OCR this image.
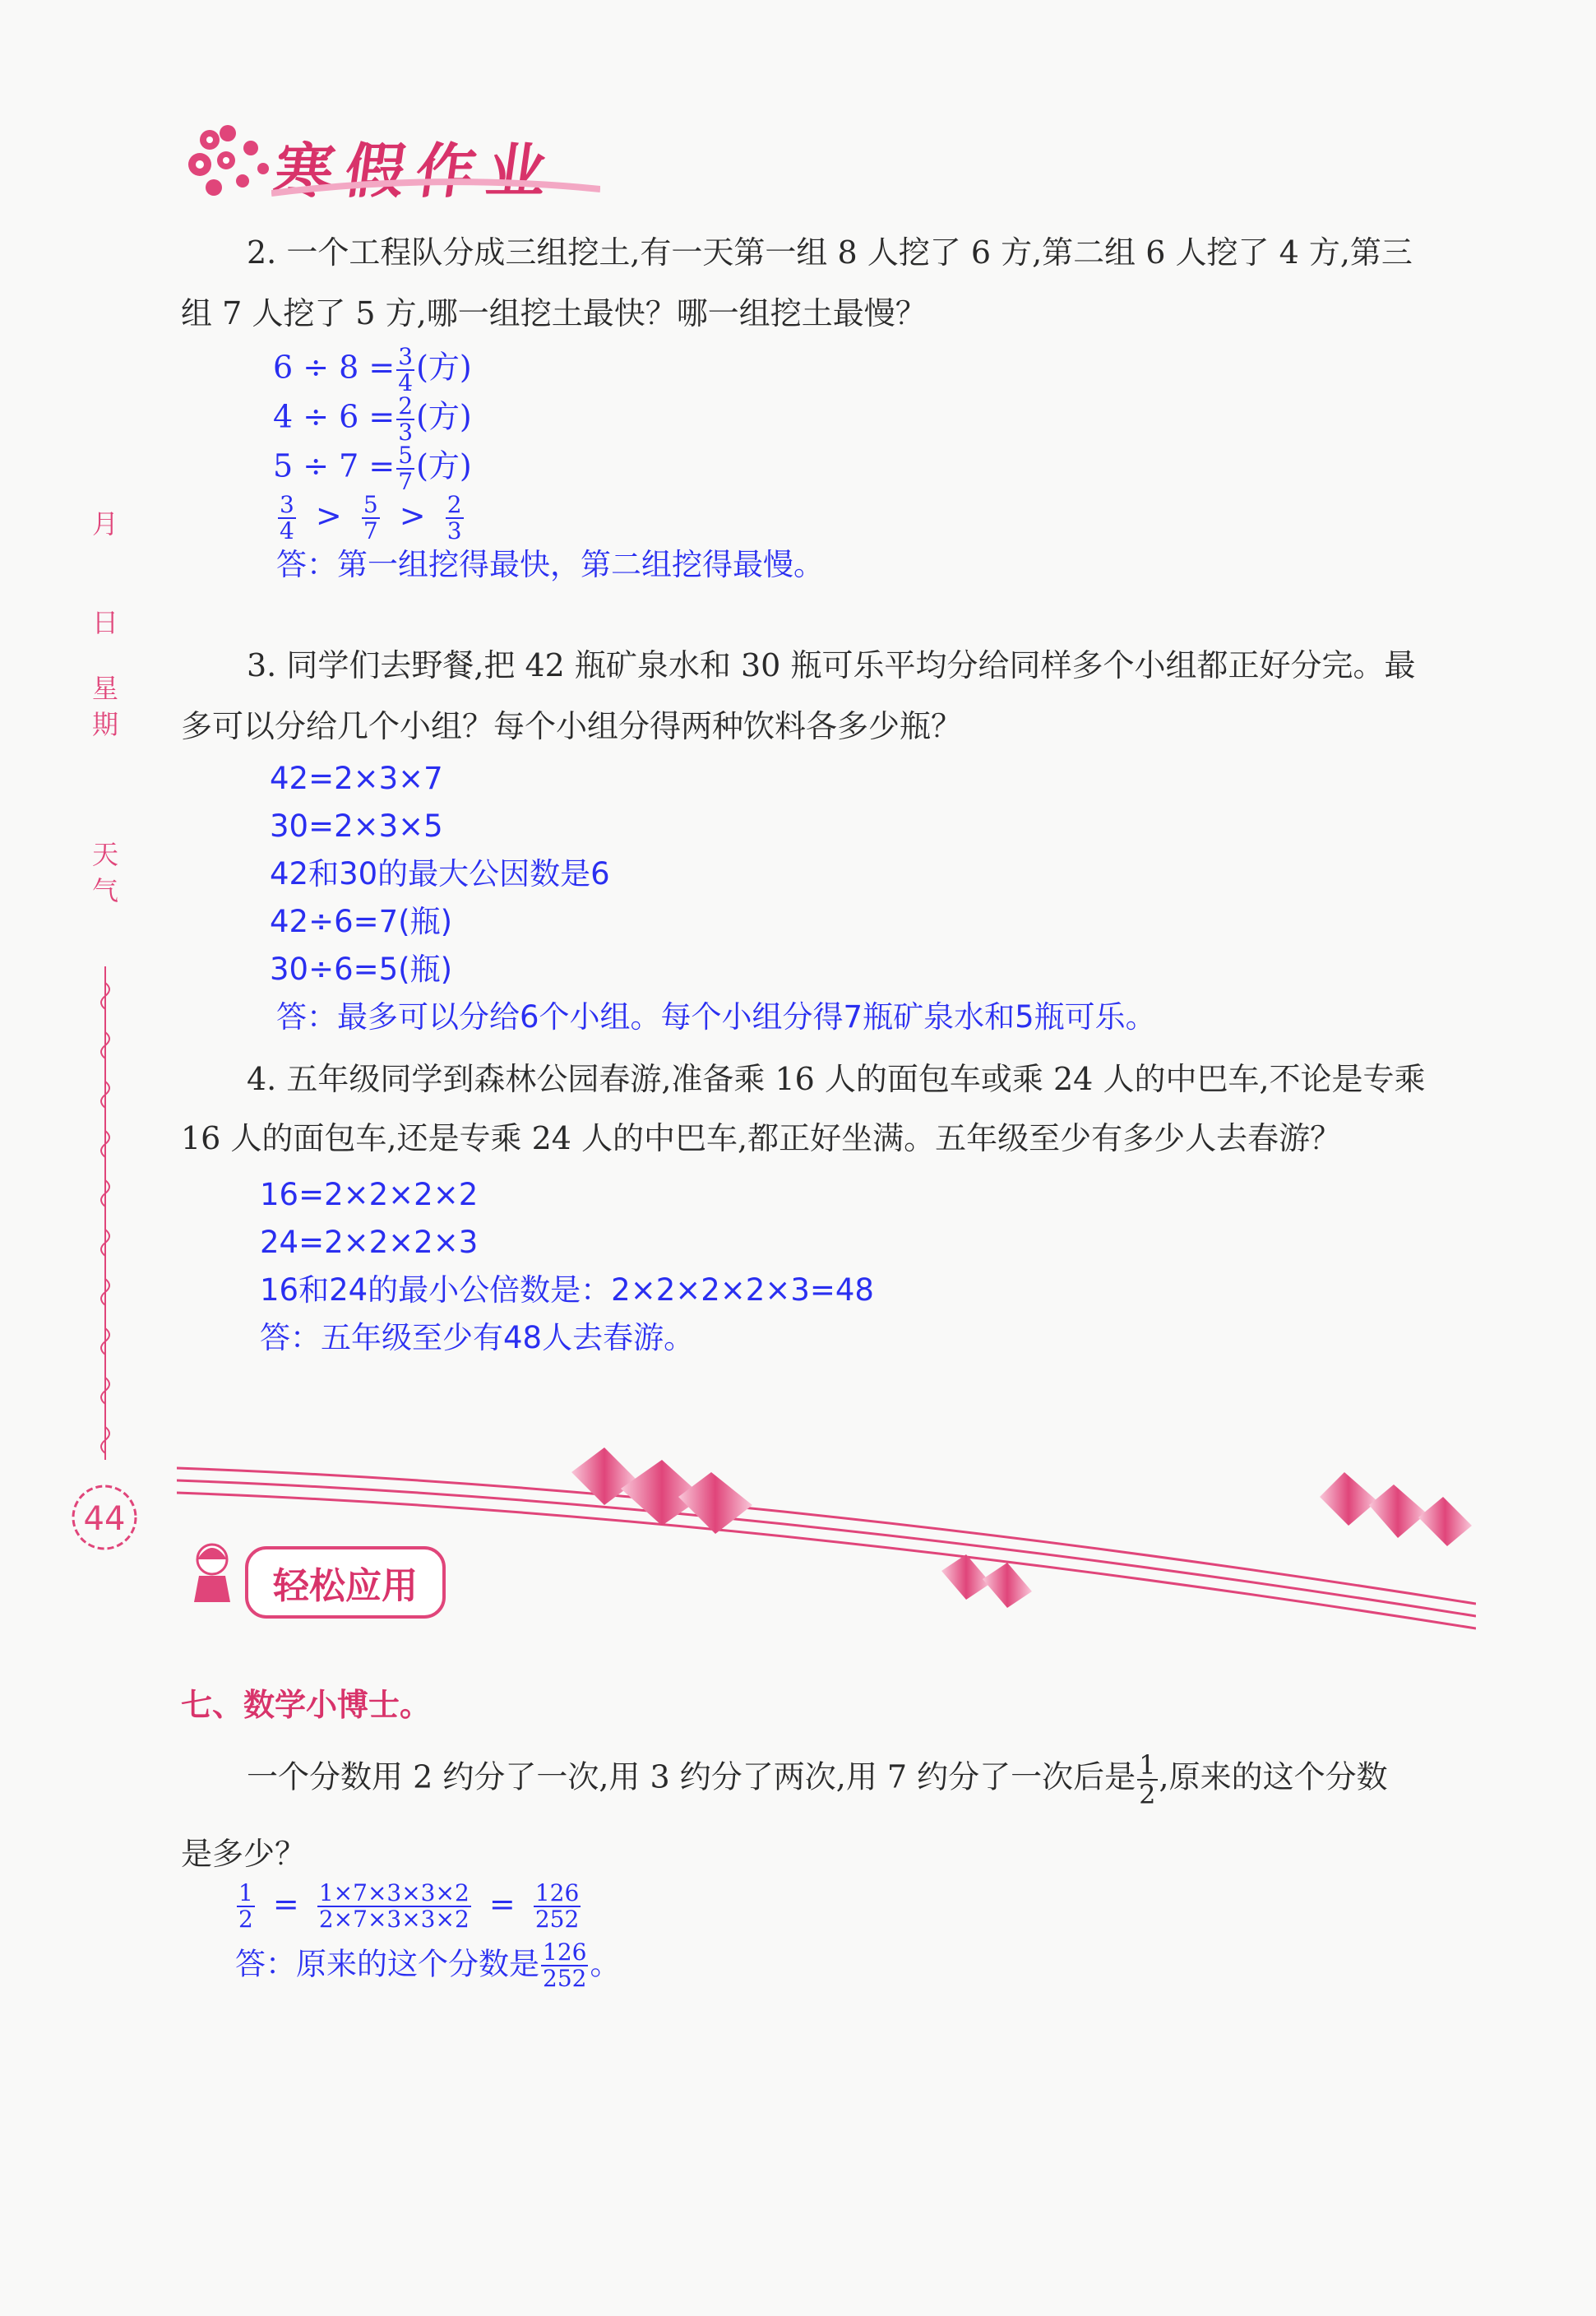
寒假作业
月
日
星
期
天
气
44
2. 一个工程队分成三组挖土,有一天第一组 8 人挖了 6 方,第二组 6 人挖了 4 方,第三
组 7 人挖了 5 方,哪一组挖土最快？哪一组挖土最慢？
$6 \div 8 = \frac{3}{4}$ (方)
$4 \div 6 = \frac{2}{3}$ (方)
$5 \div 7 = \frac{5}{7}$ (方)
$\frac{3}{4} > \frac{5}{7} > \frac{2}{3}$
答：第一组挖得最快，第二组挖得最慢。
3. 同学们去野餐,把 42 瓶矿泉水和 30 瓶可乐平均分给同样多个小组都正好分完。最
多可以分给几个小组？每个小组分得两种饮料各多少瓶？
42=2×3×7
30=2×3×5
42和30的最大公因数是6
42÷6=7(瓶)
30÷6=5(瓶)
答：最多可以分给6个小组。每个小组分得7瓶矿泉水和5瓶可乐。
4. 五年级同学到森林公园春游,准备乘 16 人的面包车或乘 24 人的中巴车,不论是专乘
16 人的面包车,还是专乘 24 人的中巴车,都正好坐满。五年级至少有多少人去春游？
16=2×2×2×2
24=2×2×2×3
16和24的最小公倍数是：2×2×2×2×3=48
答：五年级至少有48人去春游。
轻松应用
七、数学小博士。
一个分数用 2 约分了一次,用 3 约分了两次,用 7 约分了一次后是 $\frac{1}{2}$ ,原来的这个分数
是多少？
$\frac{1}{2} = \frac{1\times 7\times 3\times 3\times 2}{2\times 7\times 3\times 3\times 2} = \frac{126}{252}$
答：原来的这个分数是 $\frac{126}{252}$ 。
